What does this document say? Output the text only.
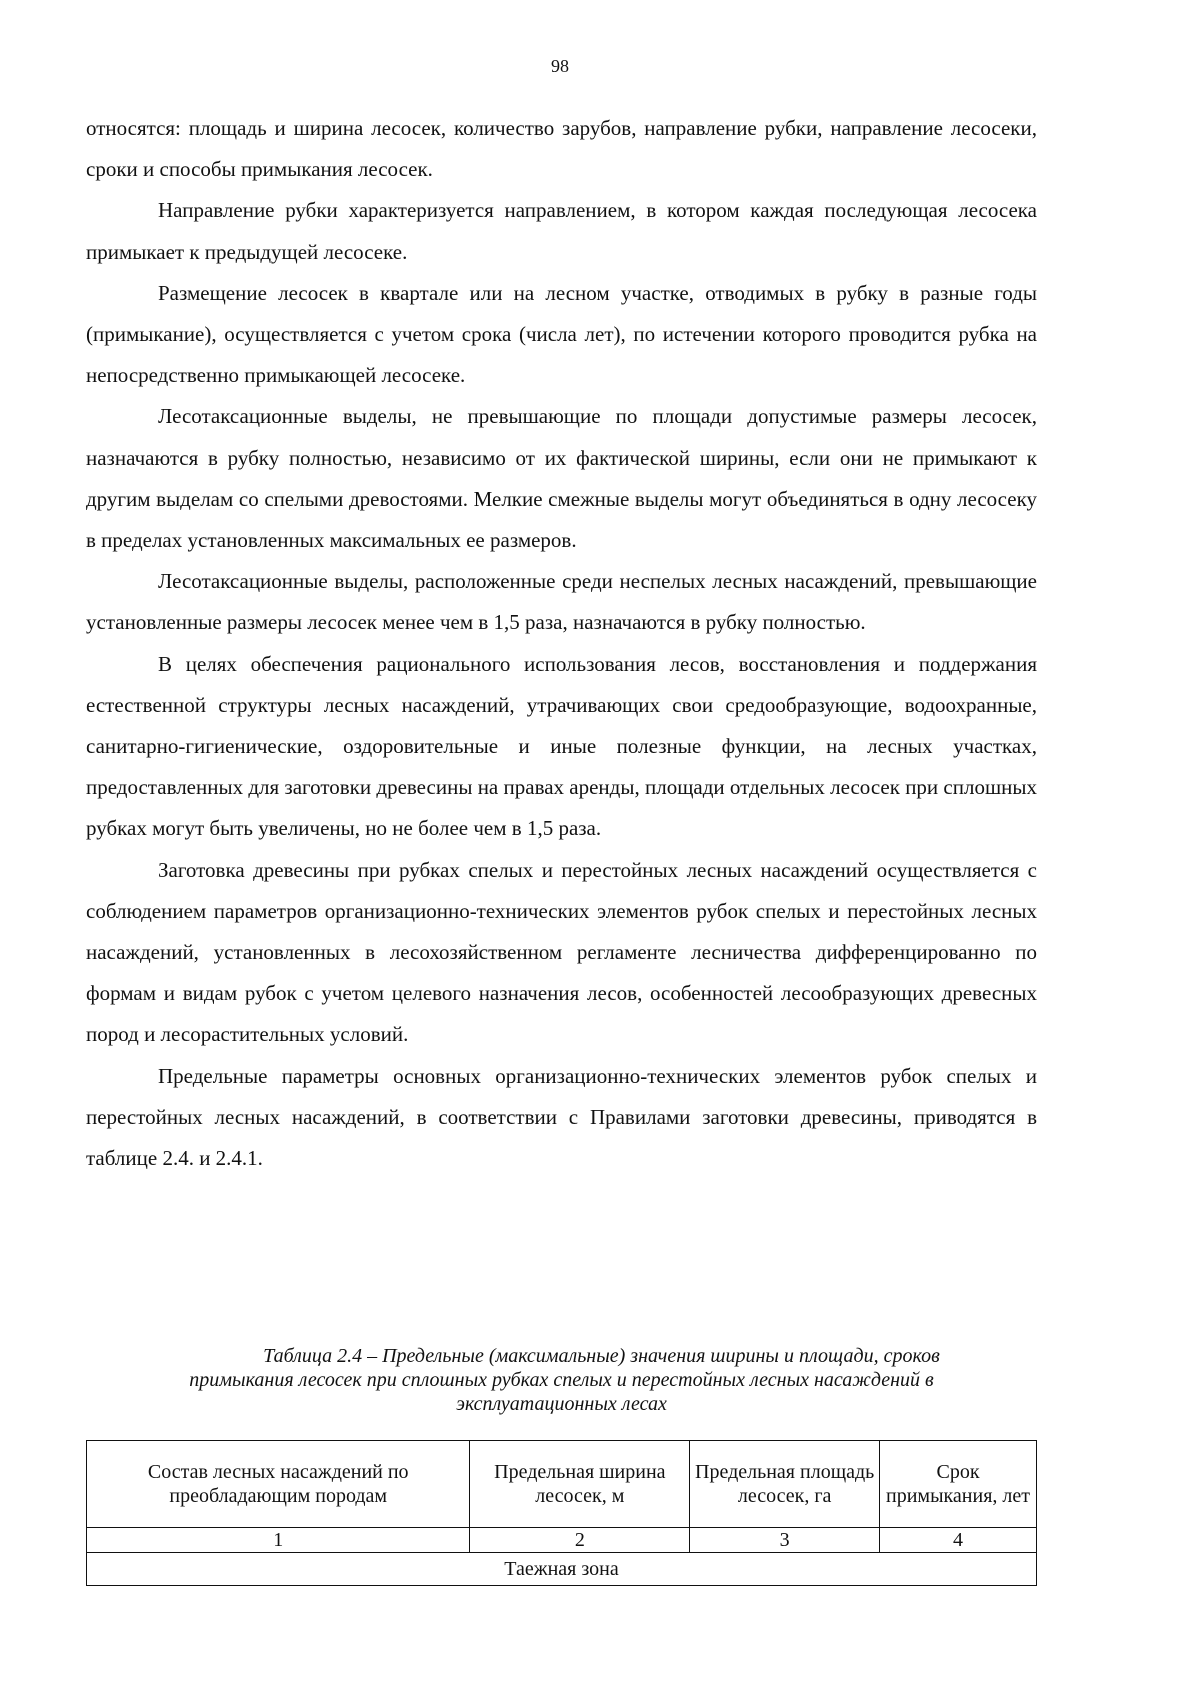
98

относятся: площадь и ширина лесосек, количество зарубов, направление рубки, направление лесосеки, сроки и способы примыкания лесосек.

Направление рубки характеризуется направлением, в котором каждая последующая лесосека примыкает к предыдущей лесосеке.

Размещение лесосек в квартале или на лесном участке, отводимых в рубку в разные годы (примыкание), осуществляется с учетом срока (числа лет), по истечении которого проводится рубка на непосредственно примыкающей лесосеке.

Лесотаксационные выделы, не превышающие по площади допустимые размеры лесосек, назначаются в рубку полностью, независимо от их фактической ширины, если они не примыкают к другим выделам со спелыми древостоями. Мелкие смежные выделы могут объединяться в одну лесосеку в пределах установленных максимальных ее размеров.

Лесотаксационные выделы, расположенные среди неспелых лесных насаждений, превышающие установленные размеры лесосек менее чем в 1,5 раза, назначаются в рубку полностью.

В целях обеспечения рационального использования лесов, восстановления и поддержания естественной структуры лесных насаждений, утрачивающих свои средообразующие, водоохранные, санитарно-гигиенические, оздоровительные и иные полезные функции, на лесных участках, предоставленных для заготовки древесины на правах аренды, площади отдельных лесосек при сплошных рубках могут быть увеличены, но не более чем в 1,5 раза.

Заготовка древесины при рубках спелых и перестойных лесных насаждений осуществляется с соблюдением параметров организационно-технических элементов рубок спелых и перестойных лесных насаждений, установленных в лесохозяйственном регламенте лесничества дифференцированно по формам и видам рубок с учетом целевого назначения лесов, особенностей лесообразующих древесных пород и лесорастительных условий.

Предельные параметры основных организационно-технических элементов рубок спелых и перестойных лесных насаждений, в соответствии с Правилами заготовки древесины, приводятся в таблице 2.4. и 2.4.1.

Таблица 2.4 – Предельные (максимальные) значения ширины и площади, сроков
примыкания лесосек при сплошных рубках спелых и перестойных лесных насаждений в
эксплуатационных лесах
Состав лесных насаждений по преобладающим породам	Предельная ширина лесосек, м	Предельная площадь лесосек, га	Срок примыкания, лет
1	2	3	4
Таежная зона			
